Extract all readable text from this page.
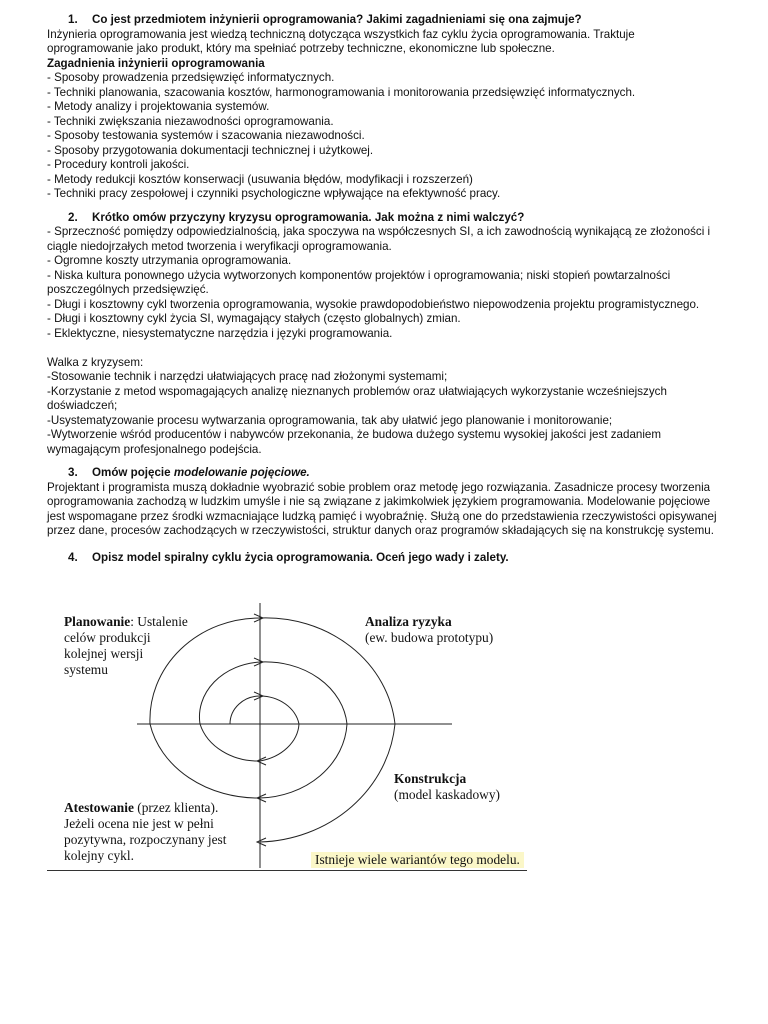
1. Co jest przedmiotem inżynierii oprogramowania? Jakimi zagadnieniami się ona zajmuje?

Inżynieria oprogramowania jest wiedzą techniczną dotycząca wszystkich faz cyklu życia oprogramowania. Traktuje

oprogramowanie jako produkt, który ma spełniać potrzeby techniczne, ekonomiczne lub społeczne.

Zagadnienia inżynierii oprogramowania

- Sposoby prowadzenia przedsięwzięć informatycznych.

- Techniki planowania, szacowania kosztów, harmonogramowania i monitorowania przedsięwzięć informatycznych.

- Metody analizy i projektowania systemów.

- Techniki zwiększania niezawodności oprogramowania.

- Sposoby testowania systemów i szacowania niezawodności.

- Sposoby przygotowania dokumentacji technicznej i użytkowej.

- Procedury kontroli jakości.

- Metody redukcji kosztów konserwacji (usuwania błędów, modyfikacji i rozszerzeń)

- Techniki pracy zespołowej i czynniki psychologiczne wpływające na efektywność pracy.

2. Krótko omów przyczyny kryzysu oprogramowania. Jak można z nimi walczyć?

- Sprzeczność pomiędzy odpowiedzialnością, jaka spoczywa na współczesnych SI, a ich zawodnością wynikającą ze złożoności i

ciągle niedojrzałych metod tworzenia i weryfikacji oprogramowania.

- Ogromne koszty utrzymania oprogramowania.

- Niska kultura ponownego użycia wytworzonych komponentów projektów i oprogramowania; niski stopień powtarzalności

poszczególnych przedsięwzięć.

- Długi i kosztowny cykl tworzenia oprogramowania, wysokie prawdopodobieństwo niepowodzenia projektu programistycznego.

- Długi i kosztowny cykl życia SI, wymagający stałych (często globalnych) zmian.

- Eklektyczne, niesystematyczne narzędzia i języki programowania.

Walka z kryzysem:

-Stosowanie technik i narzędzi ułatwiających pracę nad złożonymi systemami;

-Korzystanie z metod wspomagających analizę nieznanych problemów oraz ułatwiających wykorzystanie wcześniejszych

doświadczeń;

-Usystematyzowanie procesu wytwarzania oprogramowania, tak aby ułatwić jego planowanie i monitorowanie;

-Wytworzenie wśród producentów i nabywców przekonania, że budowa dużego systemu wysokiej jakości jest zadaniem

wymagającym profesjonalnego podejścia.

3. Omów pojęcie modelowanie pojęciowe.

Projektant i programista muszą dokładnie wyobrazić sobie problem oraz metodę jego rozwiązania. Zasadnicze procesy tworzenia

oprogramowania zachodzą w ludzkim umyśle i nie są związane z jakimkolwiek językiem programowania. Modelowanie pojęciowe

jest wspomagane przez środki wzmacniające ludzką pamięć i wyobraźnię. Służą one do przedstawienia rzeczywistości opisywanej

przez dane, procesów zachodzących w rzeczywistości, struktur danych oraz programów składających się na konstrukcję systemu.

4. Opisz model spiralny cyklu życia oprogramowania. Oceń jego wady i zalety.

Planowanie: Ustalenie
celów produkcji
kolejnej wersji
systemu
Analiza ryzyka
(ew. budowa prototypu)
Konstrukcja
(model kaskadowy)
Atestowanie (przez klienta).
Jeżeli ocena nie jest w pełni
pozytywna, rozpoczynany jest
kolejny cykl.	Istnieje wiele wariantów tego modelu.
